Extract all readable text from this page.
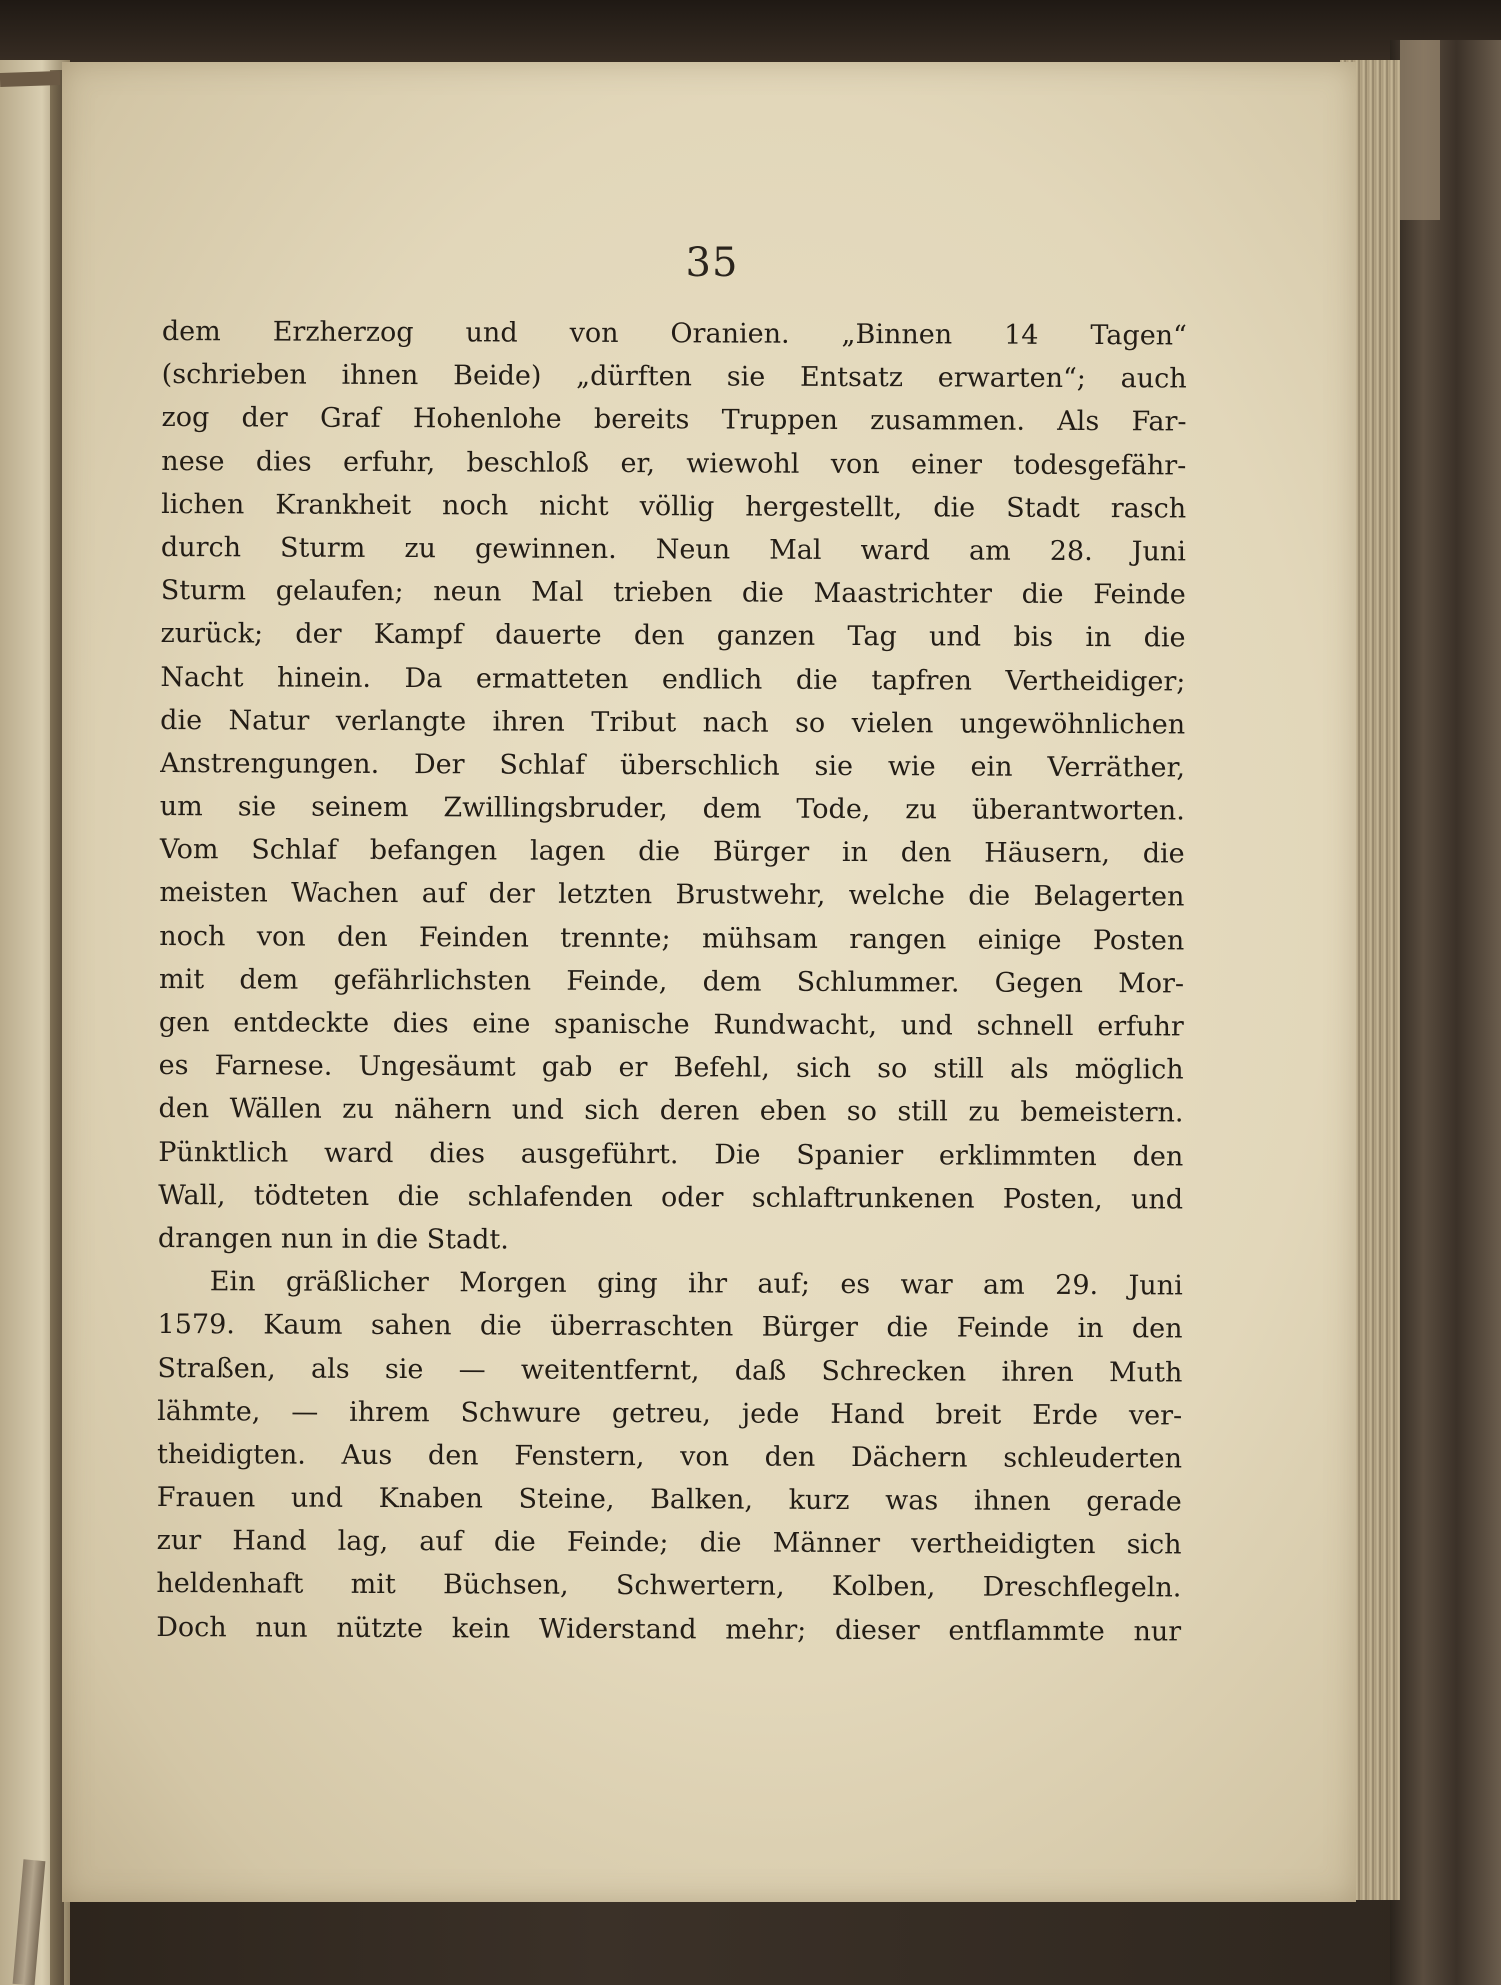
35
dem Erzherzog und von Oranien. „Binnen 14 Tagen“
(schrieben ihnen Beide) „dürften sie Entsatz erwarten“; auch
zog der Graf Hohenlohe bereits Truppen zusammen. Als Far-
nese dies erfuhr, beschloß er, wiewohl von einer todesgefähr-
lichen Krankheit noch nicht völlig hergestellt, die Stadt rasch
durch Sturm zu gewinnen. Neun Mal ward am 28. Juni
Sturm gelaufen; neun Mal trieben die Maastrichter die Feinde
zurück; der Kampf dauerte den ganzen Tag und bis in die
Nacht hinein. Da ermatteten endlich die tapfren Vertheidiger;
die Natur verlangte ihren Tribut nach so vielen ungewöhnlichen
Anstrengungen. Der Schlaf überschlich sie wie ein Verräther,
um sie seinem Zwillingsbruder, dem Tode, zu überantworten.
Vom Schlaf befangen lagen die Bürger in den Häusern, die
meisten Wachen auf der letzten Brustwehr, welche die Belagerten
noch von den Feinden trennte; mühsam rangen einige Posten
mit dem gefährlichsten Feinde, dem Schlummer. Gegen Mor-
gen entdeckte dies eine spanische Rundwacht, und schnell erfuhr
es Farnese. Ungesäumt gab er Befehl, sich so still als möglich
den Wällen zu nähern und sich deren eben so still zu bemeistern.
Pünktlich ward dies ausgeführt. Die Spanier erklimmten den
Wall, tödteten die schlafenden oder schlaftrunkenen Posten, und
drangen nun in die Stadt.
Ein gräßlicher Morgen ging ihr auf; es war am 29. Juni
1579. Kaum sahen die überraschten Bürger die Feinde in den
Straßen, als sie — weitentfernt, daß Schrecken ihren Muth
lähmte, — ihrem Schwure getreu, jede Hand breit Erde ver-
theidigten. Aus den Fenstern, von den Dächern schleuderten
Frauen und Knaben Steine, Balken, kurz was ihnen gerade
zur Hand lag, auf die Feinde; die Männer vertheidigten sich
heldenhaft mit Büchsen, Schwertern, Kolben, Dreschflegeln.
Doch nun nützte kein Widerstand mehr; dieser entflammte nur
